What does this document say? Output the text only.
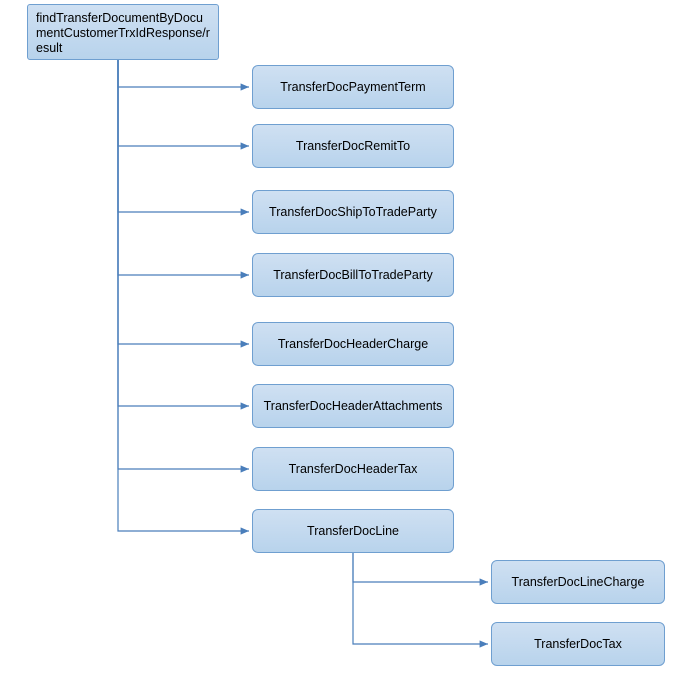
findTransferDocumentByDocumentCustomerTrxIdResponse/result
TransferDocPaymentTerm
TransferDocRemitTo
TransferDocShipToTradeParty
TransferDocBillToTradeParty
TransferDocHeaderCharge
TransferDocHeaderAttachments
TransferDocHeaderTax
TransferDocLine
TransferDocLineCharge
TransferDocTax
